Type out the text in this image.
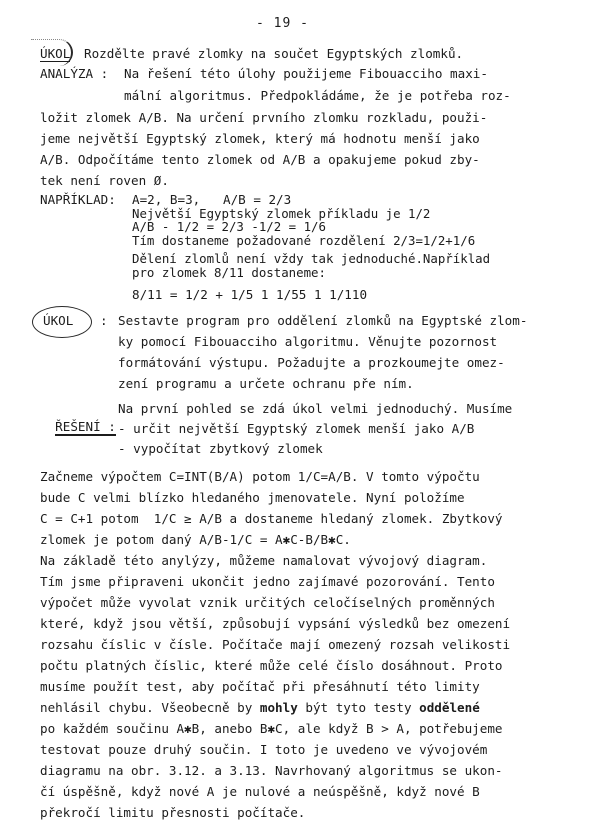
- 19 -
ÚKOL Rozdělte pravé zlomky na součet Egyptských zlomků.
ANALÝZA : Na řešení této úlohy použijeme Fibouacciho maxi-
mální algoritmus. Předpokládáme, že je potřeba roz-
ložit zlomek A/B. Na určení prvního zlomku rozkladu, použi-
jeme největší Egyptský zlomek, který má hodnotu menší jako
A/B. Odpočítáme tento zlomek od A/B a opakujeme pokud zby-
tek není roven Ø.
NAPŘÍKLAD: A=2, B=3,   A/B = 2/3
Největší Egyptský zlomek příkladu je 1/2
A/B - 1/2 = 2/3 -1/2 = 1/6
Tím dostaneme požadované rozdělení 2/3=1/2+1/6
Dělení zlomlů není vždy tak jednoduché.Například
pro zlomek 8/11 dostaneme:
8/11 = 1/2 + 1/5 1 1/55 1 1/110
ÚKOL : Sestavte program pro oddělení zlomků na Egyptské zlom-
ky pomocí Fibouacciho algoritmu. Věnujte pozornost
formátování výstupu. Požadujte a prozkoumejte omez-
zení programu a určete ochranu pře ním.

ŘEŠENÍ :

Na první pohled se zdá úkol velmi jednoduchý. Musíme
- určit největší Egyptský zlomek menší jako A/B
- vypočítat zbytkový zlomek
Začneme výpočtem C=INT(B/A) potom 1/C=A/B. V tomto výpočtu
bude C velmi blízko hledaného jmenovatele. Nyní položíme
C = C+1 potom  1/C ≥ A/B a dostaneme hledaný zlomek. Zbytkový
zlomek je potom daný A/B-1/C = A✱C-B/B✱C.
Na základě této anylýzy, můžeme namalovat vývojový diagram.
Tím jsme připraveni ukončit jedno zajímavé pozorování. Tento
výpočet může vyvolat vznik určitých celočíselných proměnných
které, když jsou větší, způsobují vypsání výsledků bez omezení
rozsahu číslic v čísle. Počítače mají omezený rozsah velikosti
počtu platných číslic, které může celé číslo dosáhnout. Proto
musíme použít test, aby počítač při přesáhnutí této limity
nehlásil chybu. Všeobecně by mohly být tyto testy oddělené
po každém součinu A✱B, anebo B✱C, ale když B > A, potřebujeme
testovat pouze druhý součin. I toto je uvedeno ve vývojovém
diagramu na obr. 3.12. a 3.13. Navrhovaný algoritmus se ukon-
čí úspěšně, když nové A je nulové a neúspěšně, když nové B
překročí limitu přesnosti počítače.
